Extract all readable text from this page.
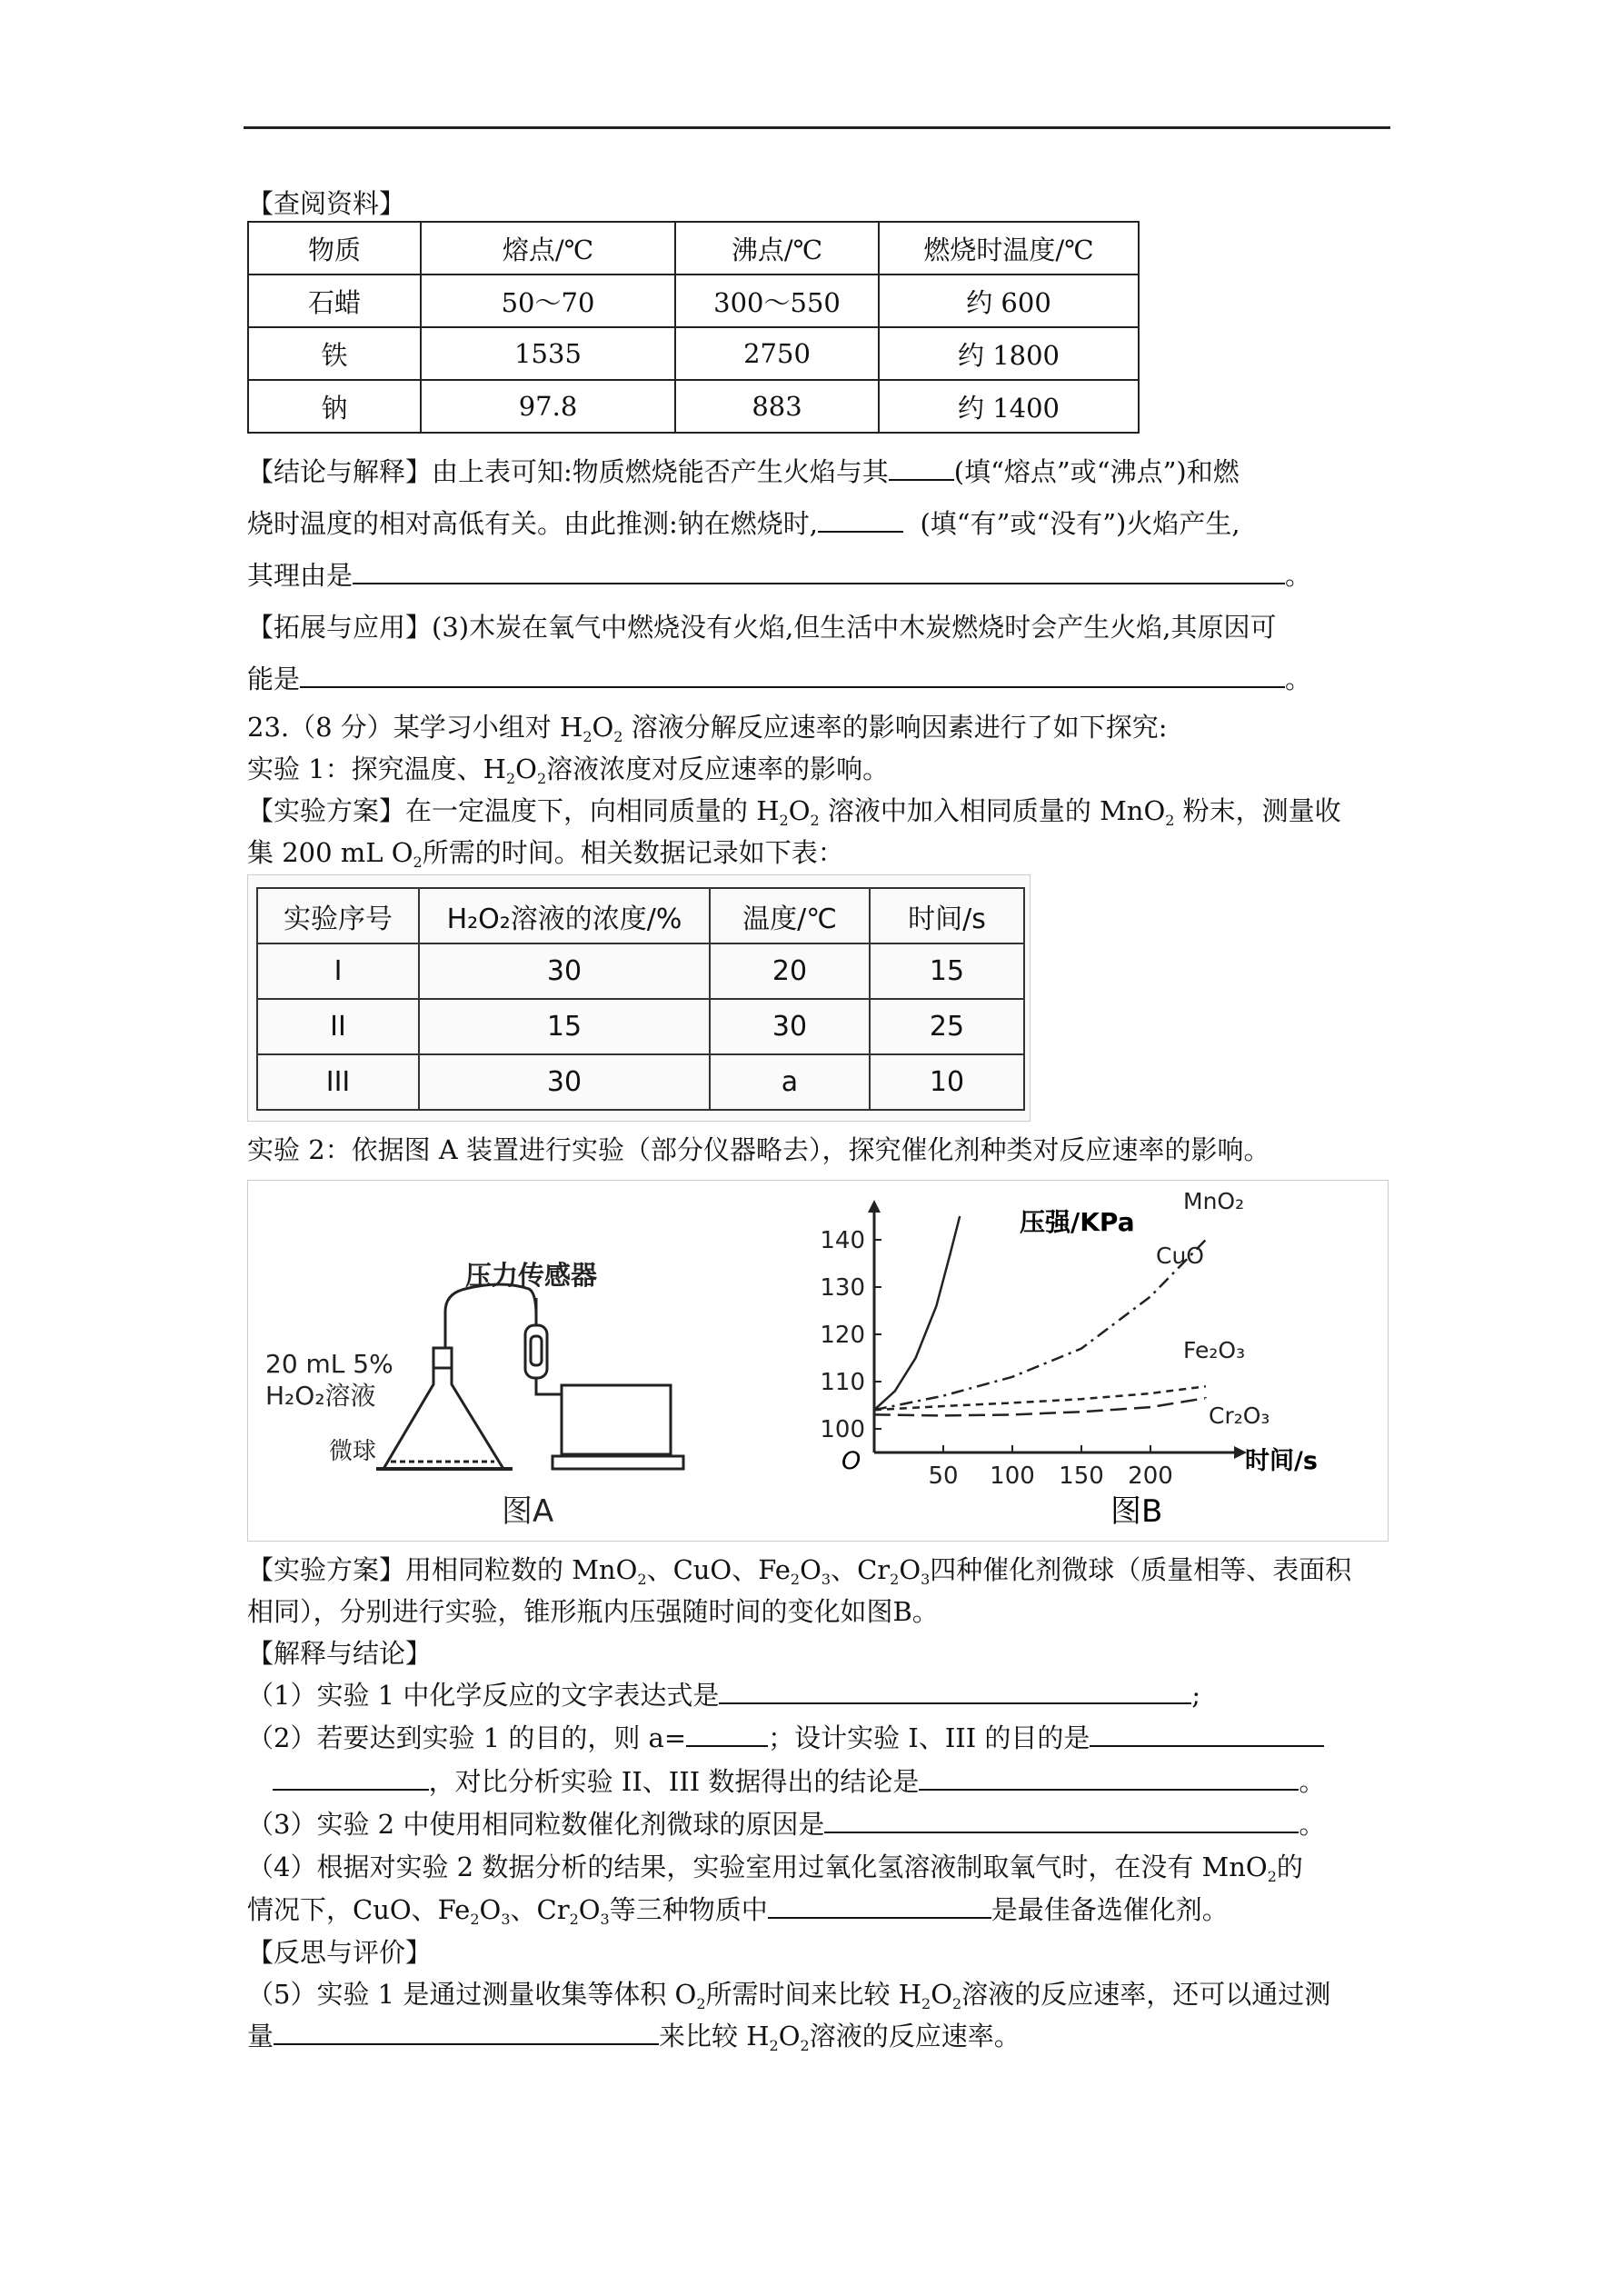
【查阅资料】
物质	熔点/℃	沸点/℃	燃烧时温度/℃
石蜡	50～70	300～550	约 600
铁	1535	2750	约 1800
钠	97.8	883	约 1400
【结论与解释】由上表可知:物质燃烧能否产生火焰与其 (填“熔点”或“沸点”)和燃
烧时温度的相对高低有关。由此推测:钠在燃烧时,	(填“有”或“没有”)火焰产生,
其理由是	。
【拓展与应用】(3)木炭在氧气中燃烧没有火焰,但生活中木炭燃烧时会产生火焰,其原因可
能是	。
23.（8 分）某学习小组对 $H_2O_2$ 溶液分解反应速率的影响因素进行了如下探究:
实验 1：探究温度、$H_2O_2$溶液浓度对反应速率的影响。
【实验方案】在一定温度下，向相同质量的 $H_2O_2$ 溶液中加入相同质量的 MnO$_2$ 粉末，测量收
集 200 mL $O_2$所需的时间。相关数据记录如下表：
实验序号	H₂O₂溶液的浓度/%	温度/℃	时间/s
I	30	20	15
II	15	30	25
III	30	a	10
实验 2：依据图 A 装置进行实验（部分仪器略去），探究催化剂种类对反应速率的影响。
压力传感器
20 mL 5%
H₂O₂溶液
微球
图A
50 100 150 200
100
110
120
130
140
MnO₂
CuO
Fe₂O₃
Cr₂O₃
压强/KPa
时间/s
O
图B
【实验方案】用相同粒数的 MnO$_2$、CuO、$Fe_2O_3$、$Cr_2O_3$四种催化剂微球（质量相等、表面积
相同），分别进行实验，锥形瓶内压强随时间的变化如图B。
【解释与结论】
（1）实验 1 中化学反应的文字表达式是	;
（2）若要达到实验 1 的目的，则 a=	；设计实验 I、III 的目的是
，对比分析实验 II、III 数据得出的结论是	。
（3）实验 2 中使用相同粒数催化剂微球的原因是	。
（4）根据对实验 2 数据分析的结果，实验室用过氧化氢溶液制取氧气时，在没有 MnO$_2$的
情况下，CuO、$Fe_2O_3$、$Cr_2O_3$等三种物质中	是最佳备选催化剂。
【反思与评价】
（5）实验 1 是通过测量收集等体积 $O_2$所需时间来比较 $H_2O_2$溶液的反应速率，还可以通过测
量	来比较 $H_2O_2$溶液的反应速率。
